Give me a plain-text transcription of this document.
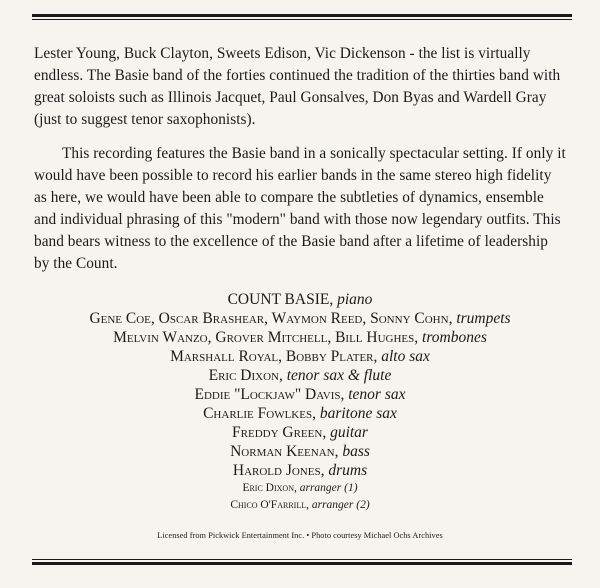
Lester Young, Buck Clayton, Sweets Edison, Vic Dickenson - the list is virtually endless. The Basie band of the forties continued the tradition of the thirties band with great soloists such as Illinois Jacquet, Paul Gonsalves, Don Byas and Wardell Gray (just to suggest tenor saxophonists).

This recording features the Basie band in a sonically spectacular setting. If only it would have been possible to record his earlier bands in the same stereo high fidelity as here, we would have been able to compare the subtleties of dynamics, ensemble and individual phrasing of this "modern" band with those now legendary outfits. This band bears witness to the excellence of the Basie band after a lifetime of leadership by the Count.

COUNT BASIE, piano
Gene Coe, Oscar Brashear, Waymon Reed, Sonny Cohn, trumpets
Melvin Wanzo, Grover Mitchell, Bill Hughes, trombones
Marshall Royal, Bobby Plater, alto sax
Eric Dixon, tenor sax & flute
Eddie "Lockjaw" Davis, tenor sax
Charlie Fowlkes, baritone sax
Freddy Green, guitar
Norman Keenan, bass
Harold Jones, drums
Eric Dixon, arranger (1)
Chico O'Farrill, arranger (2)
Licensed from Pickwick Entertainment Inc. • Photo courtesy Michael Ochs Archives
